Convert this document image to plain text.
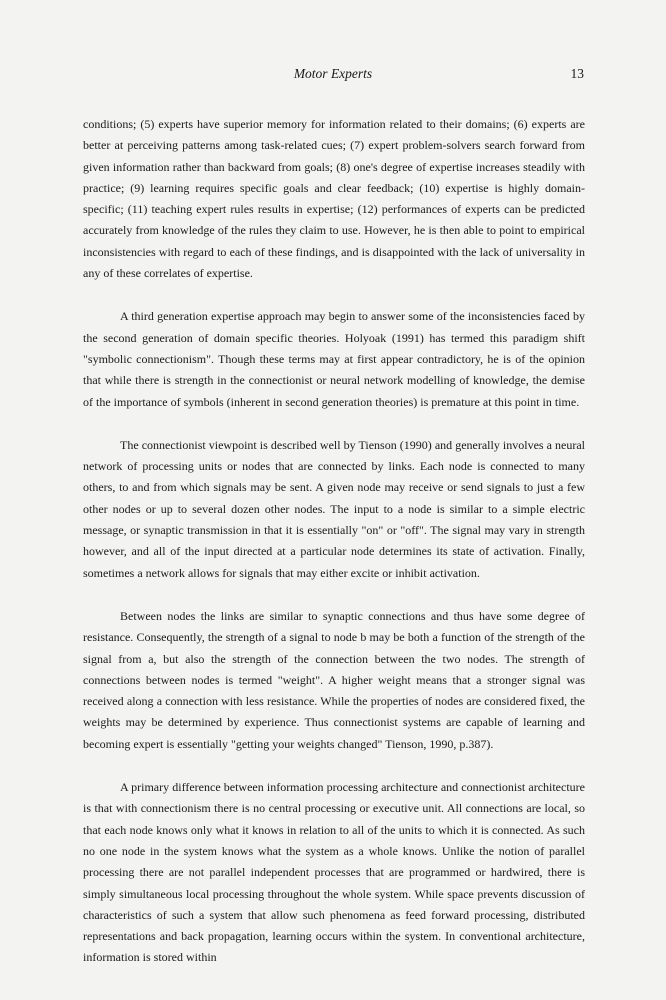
Motor Experts	13

conditions; (5) experts have superior memory for information related to their domains; (6) experts are better at perceiving patterns among task-related cues; (7) expert problem-solvers search forward from given information rather than backward from goals; (8) one's degree of expertise increases steadily with practice; (9) learning requires specific goals and clear feedback; (10) expertise is highly domain-specific; (11) teaching expert rules results in expertise; (12) performances of experts can be predicted accurately from knowledge of the rules they claim to use. However, he is then able to point to empirical inconsistencies with regard to each of these findings, and is disappointed with the lack of universality in any of these correlates of expertise.

A third generation expertise approach may begin to answer some of the inconsistencies faced by the second generation of domain specific theories. Holyoak (1991) has termed this paradigm shift "symbolic connectionism". Though these terms may at first appear contradictory, he is of the opinion that while there is strength in the connectionist or neural network modelling of knowledge, the demise of the importance of symbols (inherent in second generation theories) is premature at this point in time.

The connectionist viewpoint is described well by Tienson (1990) and generally involves a neural network of processing units or nodes that are connected by links. Each node is connected to many others, to and from which signals may be sent. A given node may receive or send signals to just a few other nodes or up to several dozen other nodes. The input to a node is similar to a simple electric message, or synaptic transmission in that it is essentially "on" or "off". The signal may vary in strength however, and all of the input directed at a particular node determines its state of activation. Finally, sometimes a network allows for signals that may either excite or inhibit activation.

Between nodes the links are similar to synaptic connections and thus have some degree of resistance. Consequently, the strength of a signal to node b may be both a function of the strength of the signal from a, but also the strength of the connection between the two nodes. The strength of connections between nodes is termed "weight". A higher weight means that a stronger signal was received along a connection with less resistance. While the properties of nodes are considered fixed, the weights may be determined by experience. Thus connectionist systems are capable of learning and becoming expert is essentially "getting your weights changed" Tienson, 1990, p.387).

A primary difference between information processing architecture and connectionist architecture is that with connectionism there is no central processing or executive unit. All connections are local, so that each node knows only what it knows in relation to all of the units to which it is connected. As such no one node in the system knows what the system as a whole knows. Unlike the notion of parallel processing there are not parallel independent processes that are programmed or hardwired, there is simply simultaneous local processing throughout the whole system. While space prevents discussion of characteristics of such a system that allow such phenomena as feed forward processing, distributed representations and back propagation, learning occurs within the system. In conventional architecture, information is stored within
